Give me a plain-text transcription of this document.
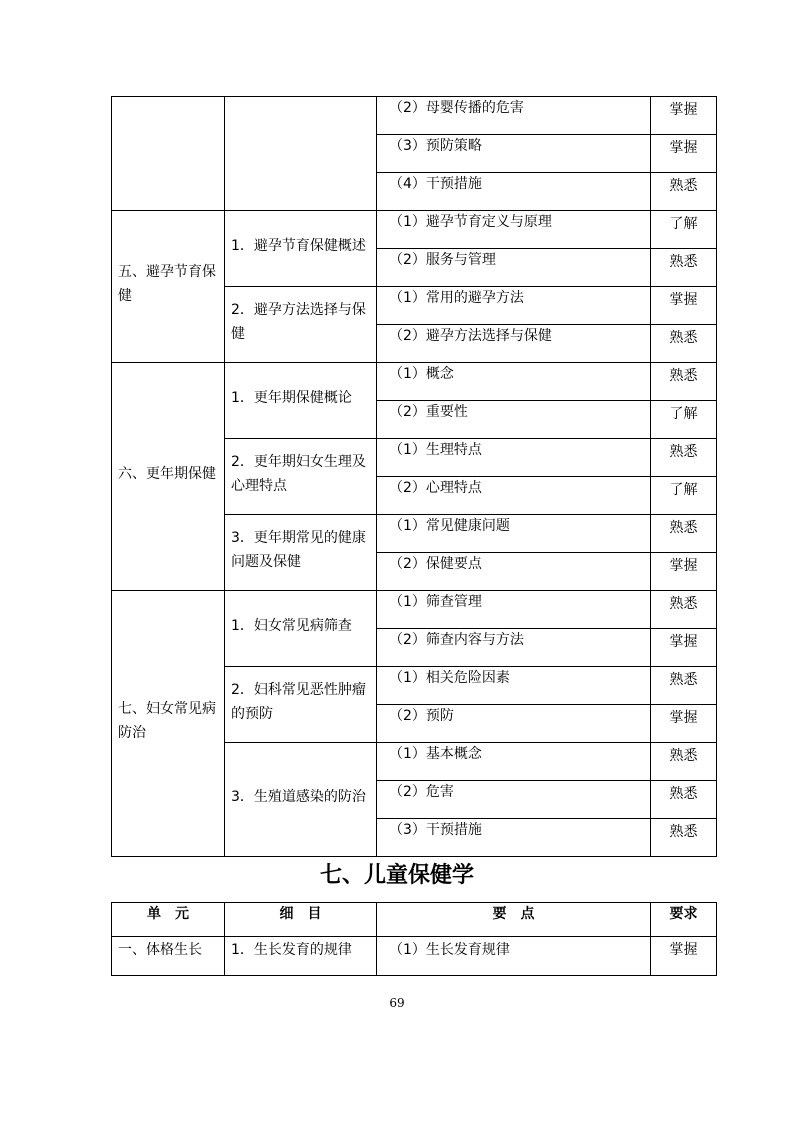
		（2）母婴传播的危害	掌握

		（3）预防策略	掌握

		（4）干预措施	熟悉

五、避孕节育保健	1．避孕节育保健概述	（1）避孕节育定义与原理	了解

		（2）服务与管理	熟悉

	2．避孕方法选择与保健	（1）常用的避孕方法	掌握

		（2）避孕方法选择与保健	熟悉

六、更年期保健	1．更年期保健概论	（1）概念	熟悉

		（2）重要性	了解

	2．更年期妇女生理及心理特点	（1）生理特点	熟悉

		（2）心理特点	了解

	3．更年期常见的健康问题及保健	（1）常见健康问题	熟悉

		（2）保健要点	掌握

七、妇女常见病防治	1．妇女常见病筛查	（1）筛查管理	熟悉

		（2）筛查内容与方法	掌握

	2．妇科常见恶性肿瘤的预防	（1）相关危险因素	熟悉

		（2）预防	掌握

	3．生殖道感染的防治	（1）基本概念	熟悉

		（2）危害	熟悉

		（3）干预措施	熟悉
七、儿童保健学
单　元	细　目	要　点	要求

一、体格生长	1．生长发育的规律	（1）生长发育规律	掌握
69
